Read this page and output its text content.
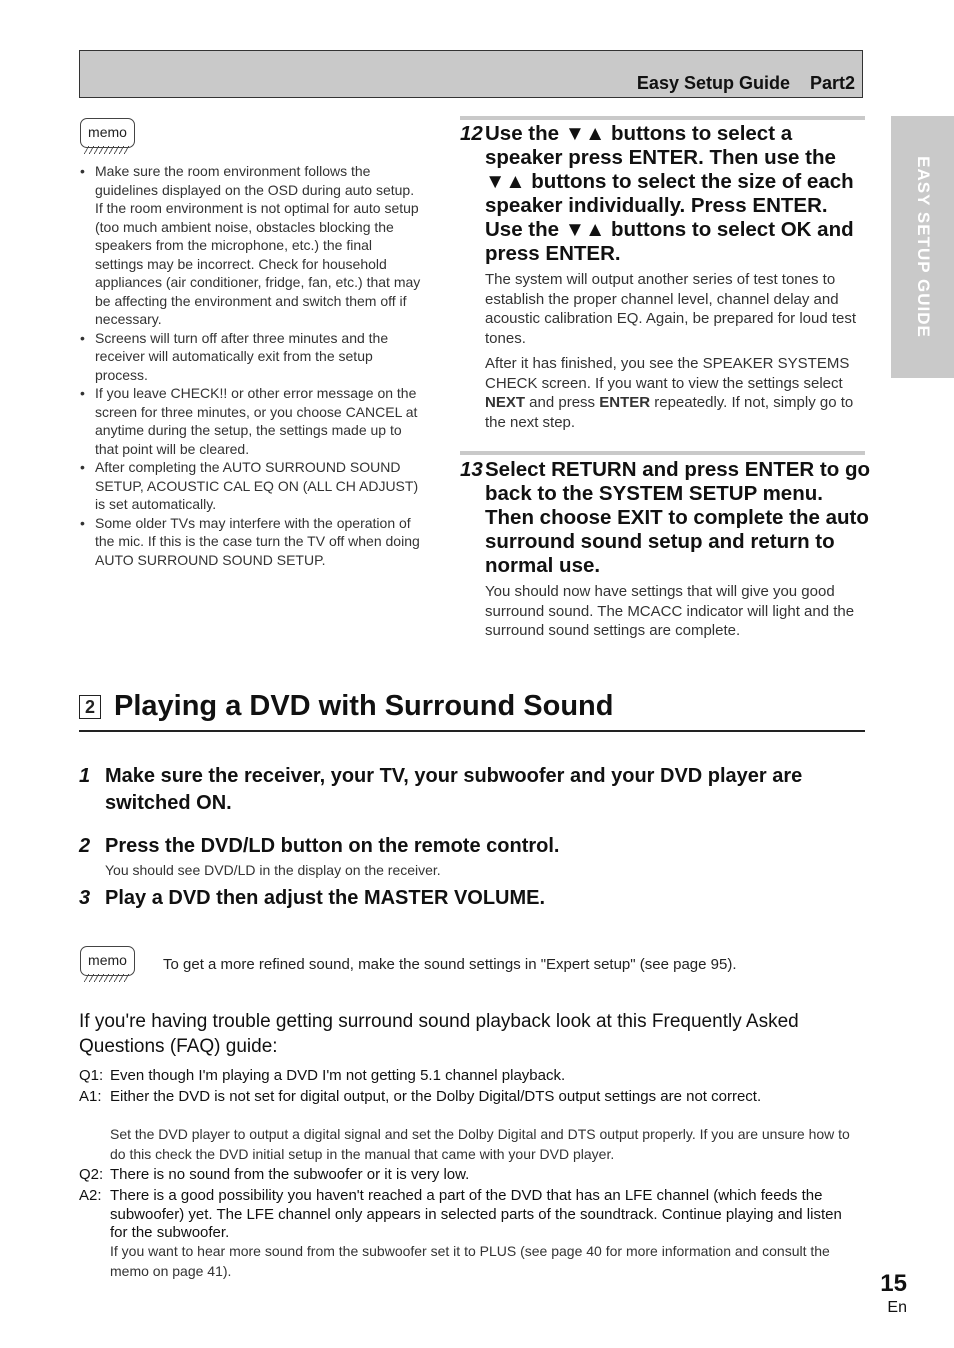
Easy Setup Guide Part2
EASY SETUP GUIDE
memo
• Make sure the room environment follows the guidelines displayed on the OSD during auto setup. If the room environment is not optimal for auto setup (too much ambient noise, obstacles blocking the speakers from the microphone, etc.) the final settings may be incorrect. Check for household appliances (air conditioner, fridge, fan, etc.) that may be affecting the environment and switch them off if necessary.
• Screens will turn off after three minutes and the receiver will automatically exit from the setup process.
• If you leave CHECK!! or other error message on the screen for three minutes, or you choose CANCEL at anytime during the setup, the settings made up to that point will be cleared.
• After completing the AUTO SURROUND SOUND SETUP, ACOUSTIC CAL EQ ON (ALL CH ADJUST) is set automatically.
• Some older TVs may interfere with the operation of the mic. If this is the case turn the TV off when doing AUTO SURROUND SOUND SETUP.
12 Use the ▼▲ buttons to select a speaker press ENTER. Then use the ▼▲ buttons to select the size of each speaker individually. Press ENTER. Use the ▼▲ buttons to select OK and press ENTER.
The system will output another series of test tones to establish the proper channel level, channel delay and acoustic calibration EQ. Again, be prepared for loud test tones.
After it has finished, you see the SPEAKER SYSTEMS CHECK screen. If you want to view the settings select NEXT and press ENTER repeatedly. If not, simply go to the next step.
13 Select RETURN and press ENTER to go back to the SYSTEM SETUP menu. Then choose EXIT to complete the auto surround sound setup and return to normal use.
You should now have settings that will give you good surround sound. The MCACC indicator will light and the surround sound settings are complete.
2 Playing a DVD with Surround Sound
1 Make sure the receiver, your TV, your subwoofer and your DVD player are switched ON.
2 Press the DVD/LD button on the remote control.
You should see DVD/LD in the display on the receiver.
3 Play a DVD then adjust the MASTER VOLUME.
memo	To get a more refined sound, make the sound settings in "Expert setup" (see page 95).
If you're having trouble getting surround sound playback look at this Frequently Asked Questions (FAQ) guide:
Q1: Even though I'm playing a DVD I'm not getting 5.1 channel playback.
A1: Either the DVD is not set for digital output, or the Dolby Digital/DTS output settings are not correct.
Set the DVD player to output a digital signal and set the Dolby Digital and DTS output properly. If you are unsure how to do this check the DVD initial setup in the manual that came with your DVD player.
Q2: There is no sound from the subwoofer or it is very low.
A2: There is a good possibility you haven't reached a part of the DVD that has an LFE channel (which feeds the subwoofer) yet. The LFE channel only appears in selected parts of the soundtrack. Continue playing and listen for the subwoofer.
If you want to hear more sound from the subwoofer set it to PLUS (see page 40 for more information and consult the memo on page 41).	15
En
